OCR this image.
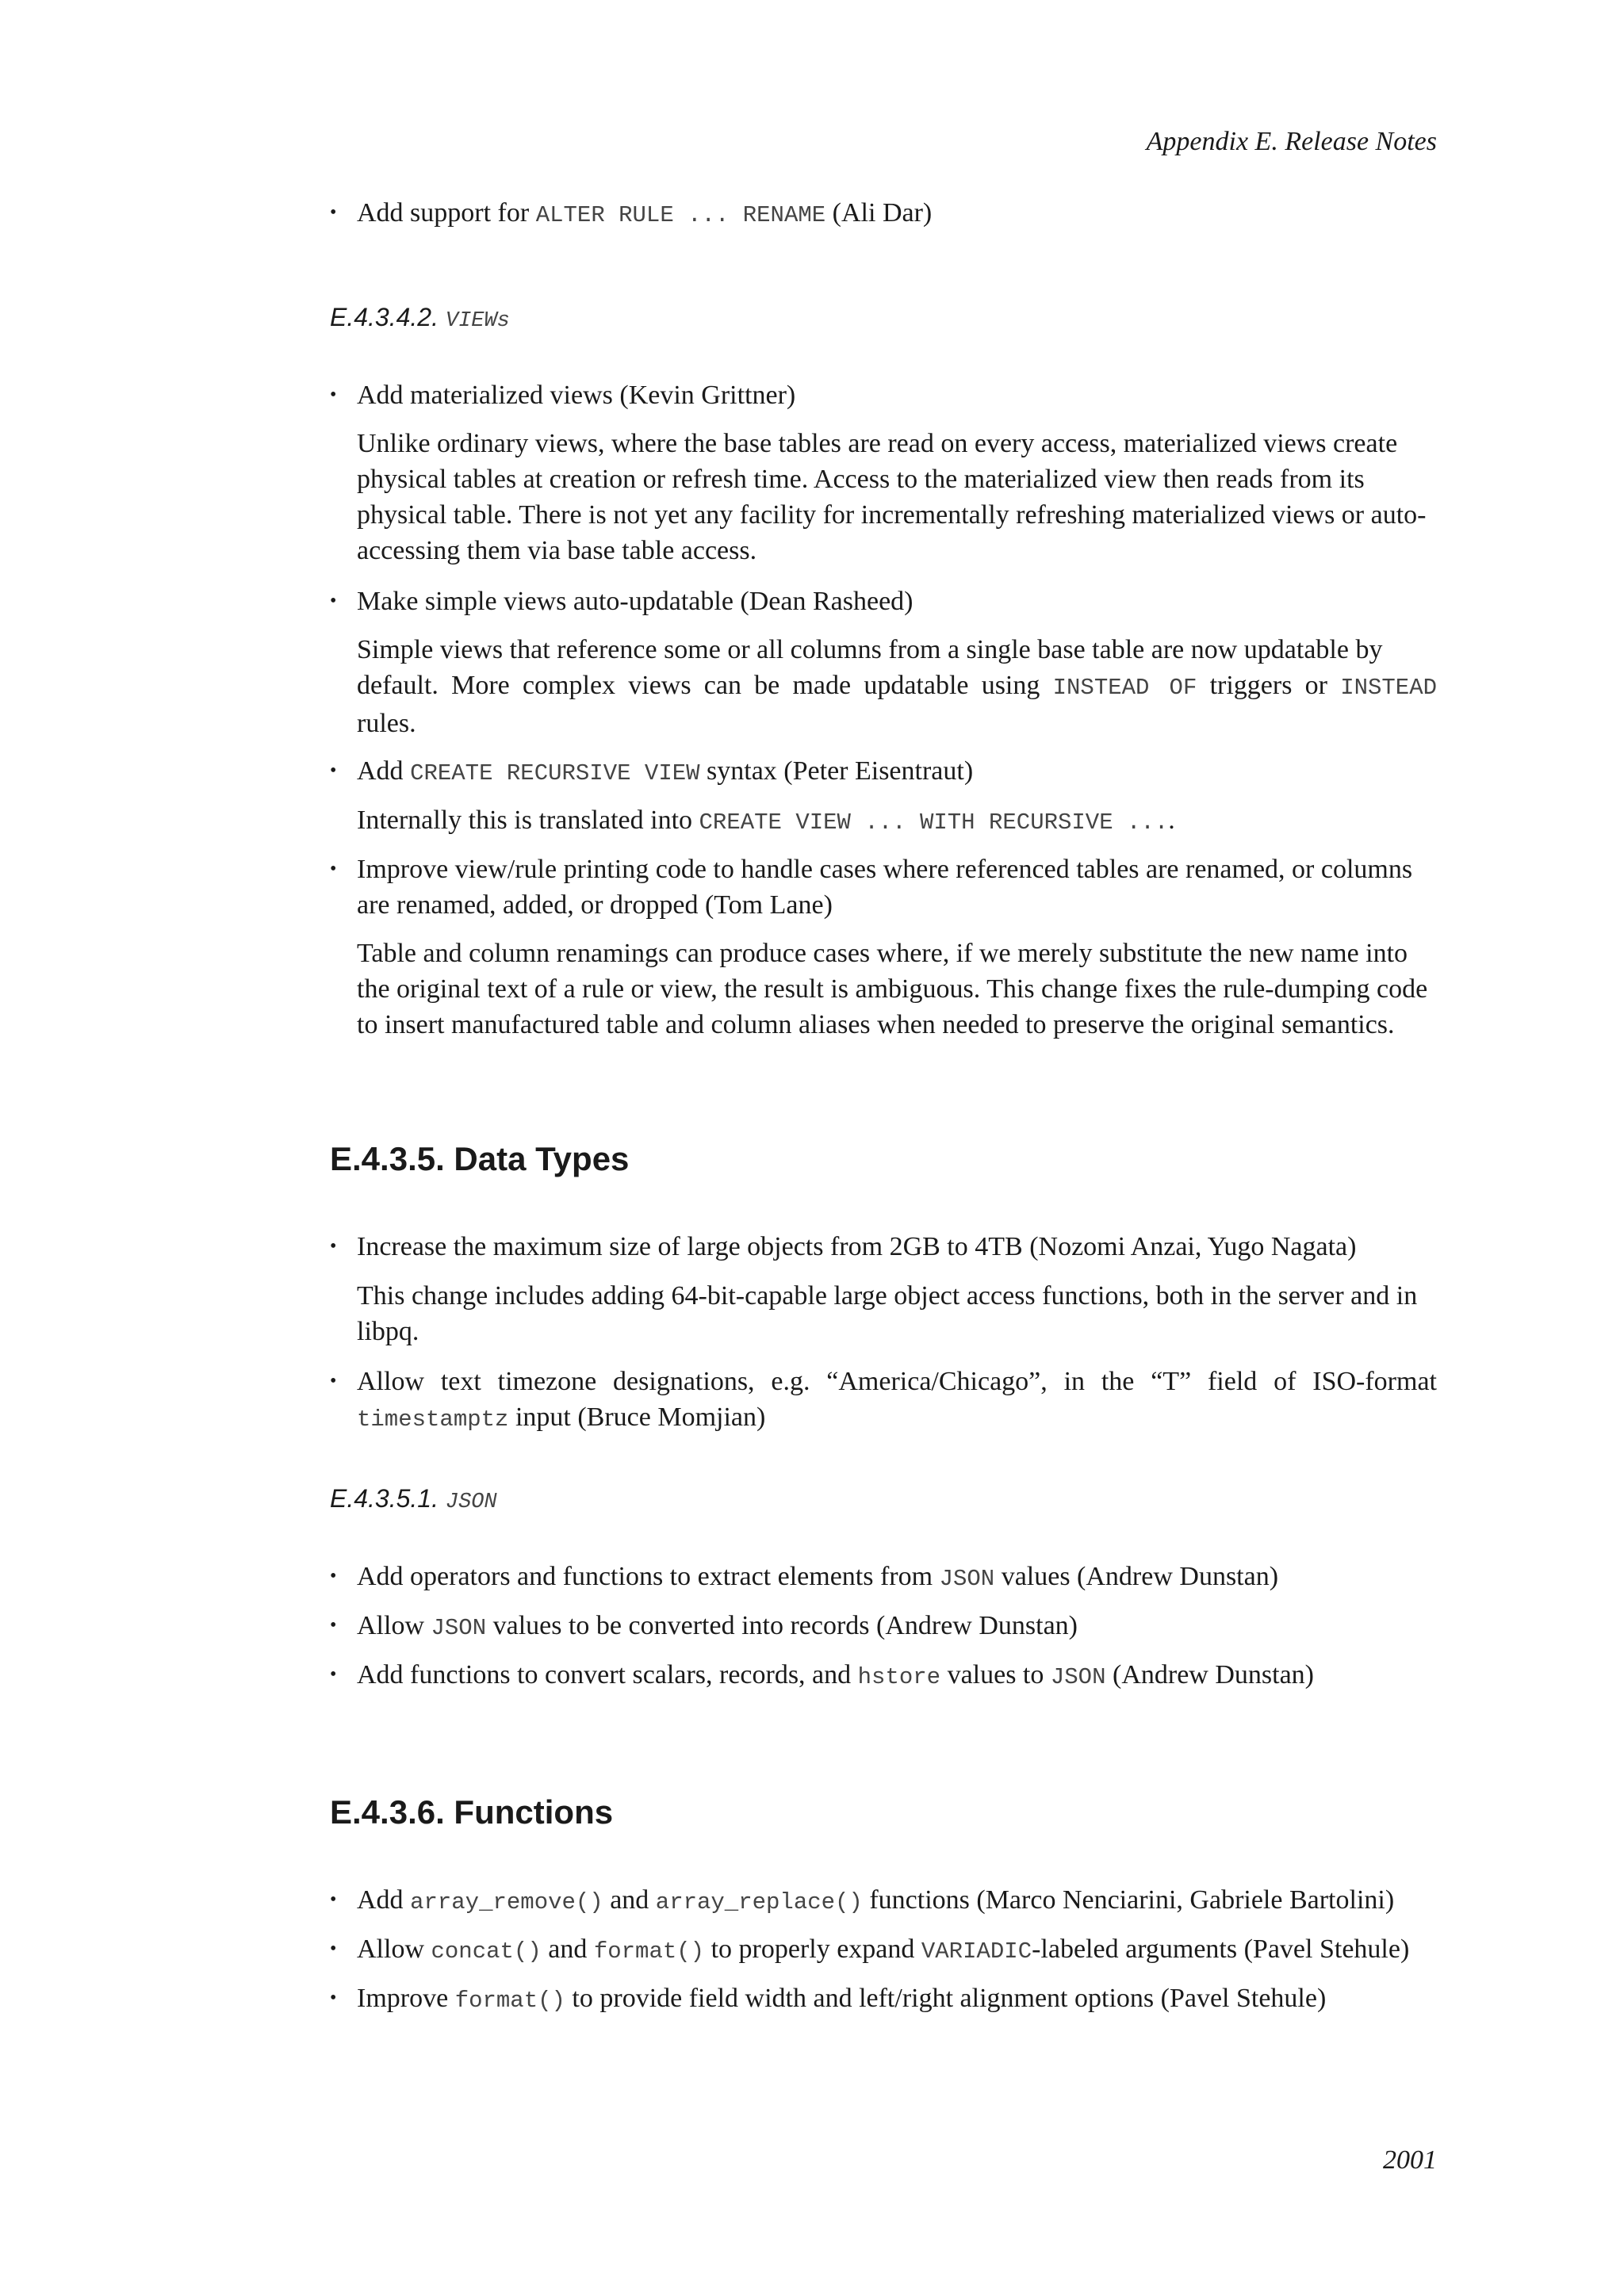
Appendix E. Release Notes
• Add support for ALTER RULE ... RENAME (Ali Dar)
E.4.3.4.2. VIEWs
• Add materialized views (Kevin Grittner)
Unlike ordinary views, where the base tables are read on every access, materialized views create
physical tables at creation or refresh time. Access to the materialized view then reads from its
physical table. There is not yet any facility for incrementally refreshing materialized views or auto-
accessing them via base table access.
• Make simple views auto-updatable (Dean Rasheed)
Simple views that reference some or all columns from a single base table are now updatable by
default. More complex views can be made updatable using INSTEAD OF triggers or INSTEAD
rules.
• Add CREATE RECURSIVE VIEW syntax (Peter Eisentraut)
Internally this is translated into CREATE VIEW ... WITH RECURSIVE ....
• Improve view/rule printing code to handle cases where referenced tables are renamed, or columns
are renamed, added, or dropped (Tom Lane)
Table and column renamings can produce cases where, if we merely substitute the new name into
the original text of a rule or view, the result is ambiguous. This change fixes the rule-dumping code
to insert manufactured table and column aliases when needed to preserve the original semantics.
E.4.3.5. Data Types
• Increase the maximum size of large objects from 2GB to 4TB (Nozomi Anzai, Yugo Nagata)
This change includes adding 64-bit-capable large object access functions, both in the server and in
libpq.
• Allow text timezone designations, e.g. “America/Chicago”, in the “T” field of ISO-format
timestamptz input (Bruce Momjian)
E.4.3.5.1. JSON
• Add operators and functions to extract elements from JSON values (Andrew Dunstan)
• Allow JSON values to be converted into records (Andrew Dunstan)
• Add functions to convert scalars, records, and hstore values to JSON (Andrew Dunstan)
E.4.3.6. Functions
• Add array_remove() and array_replace() functions (Marco Nenciarini, Gabriele Bartolini)
• Allow concat() and format() to properly expand VARIADIC-labeled arguments (Pavel Stehule)
• Improve format() to provide field width and left/right alignment options (Pavel Stehule)
2001
